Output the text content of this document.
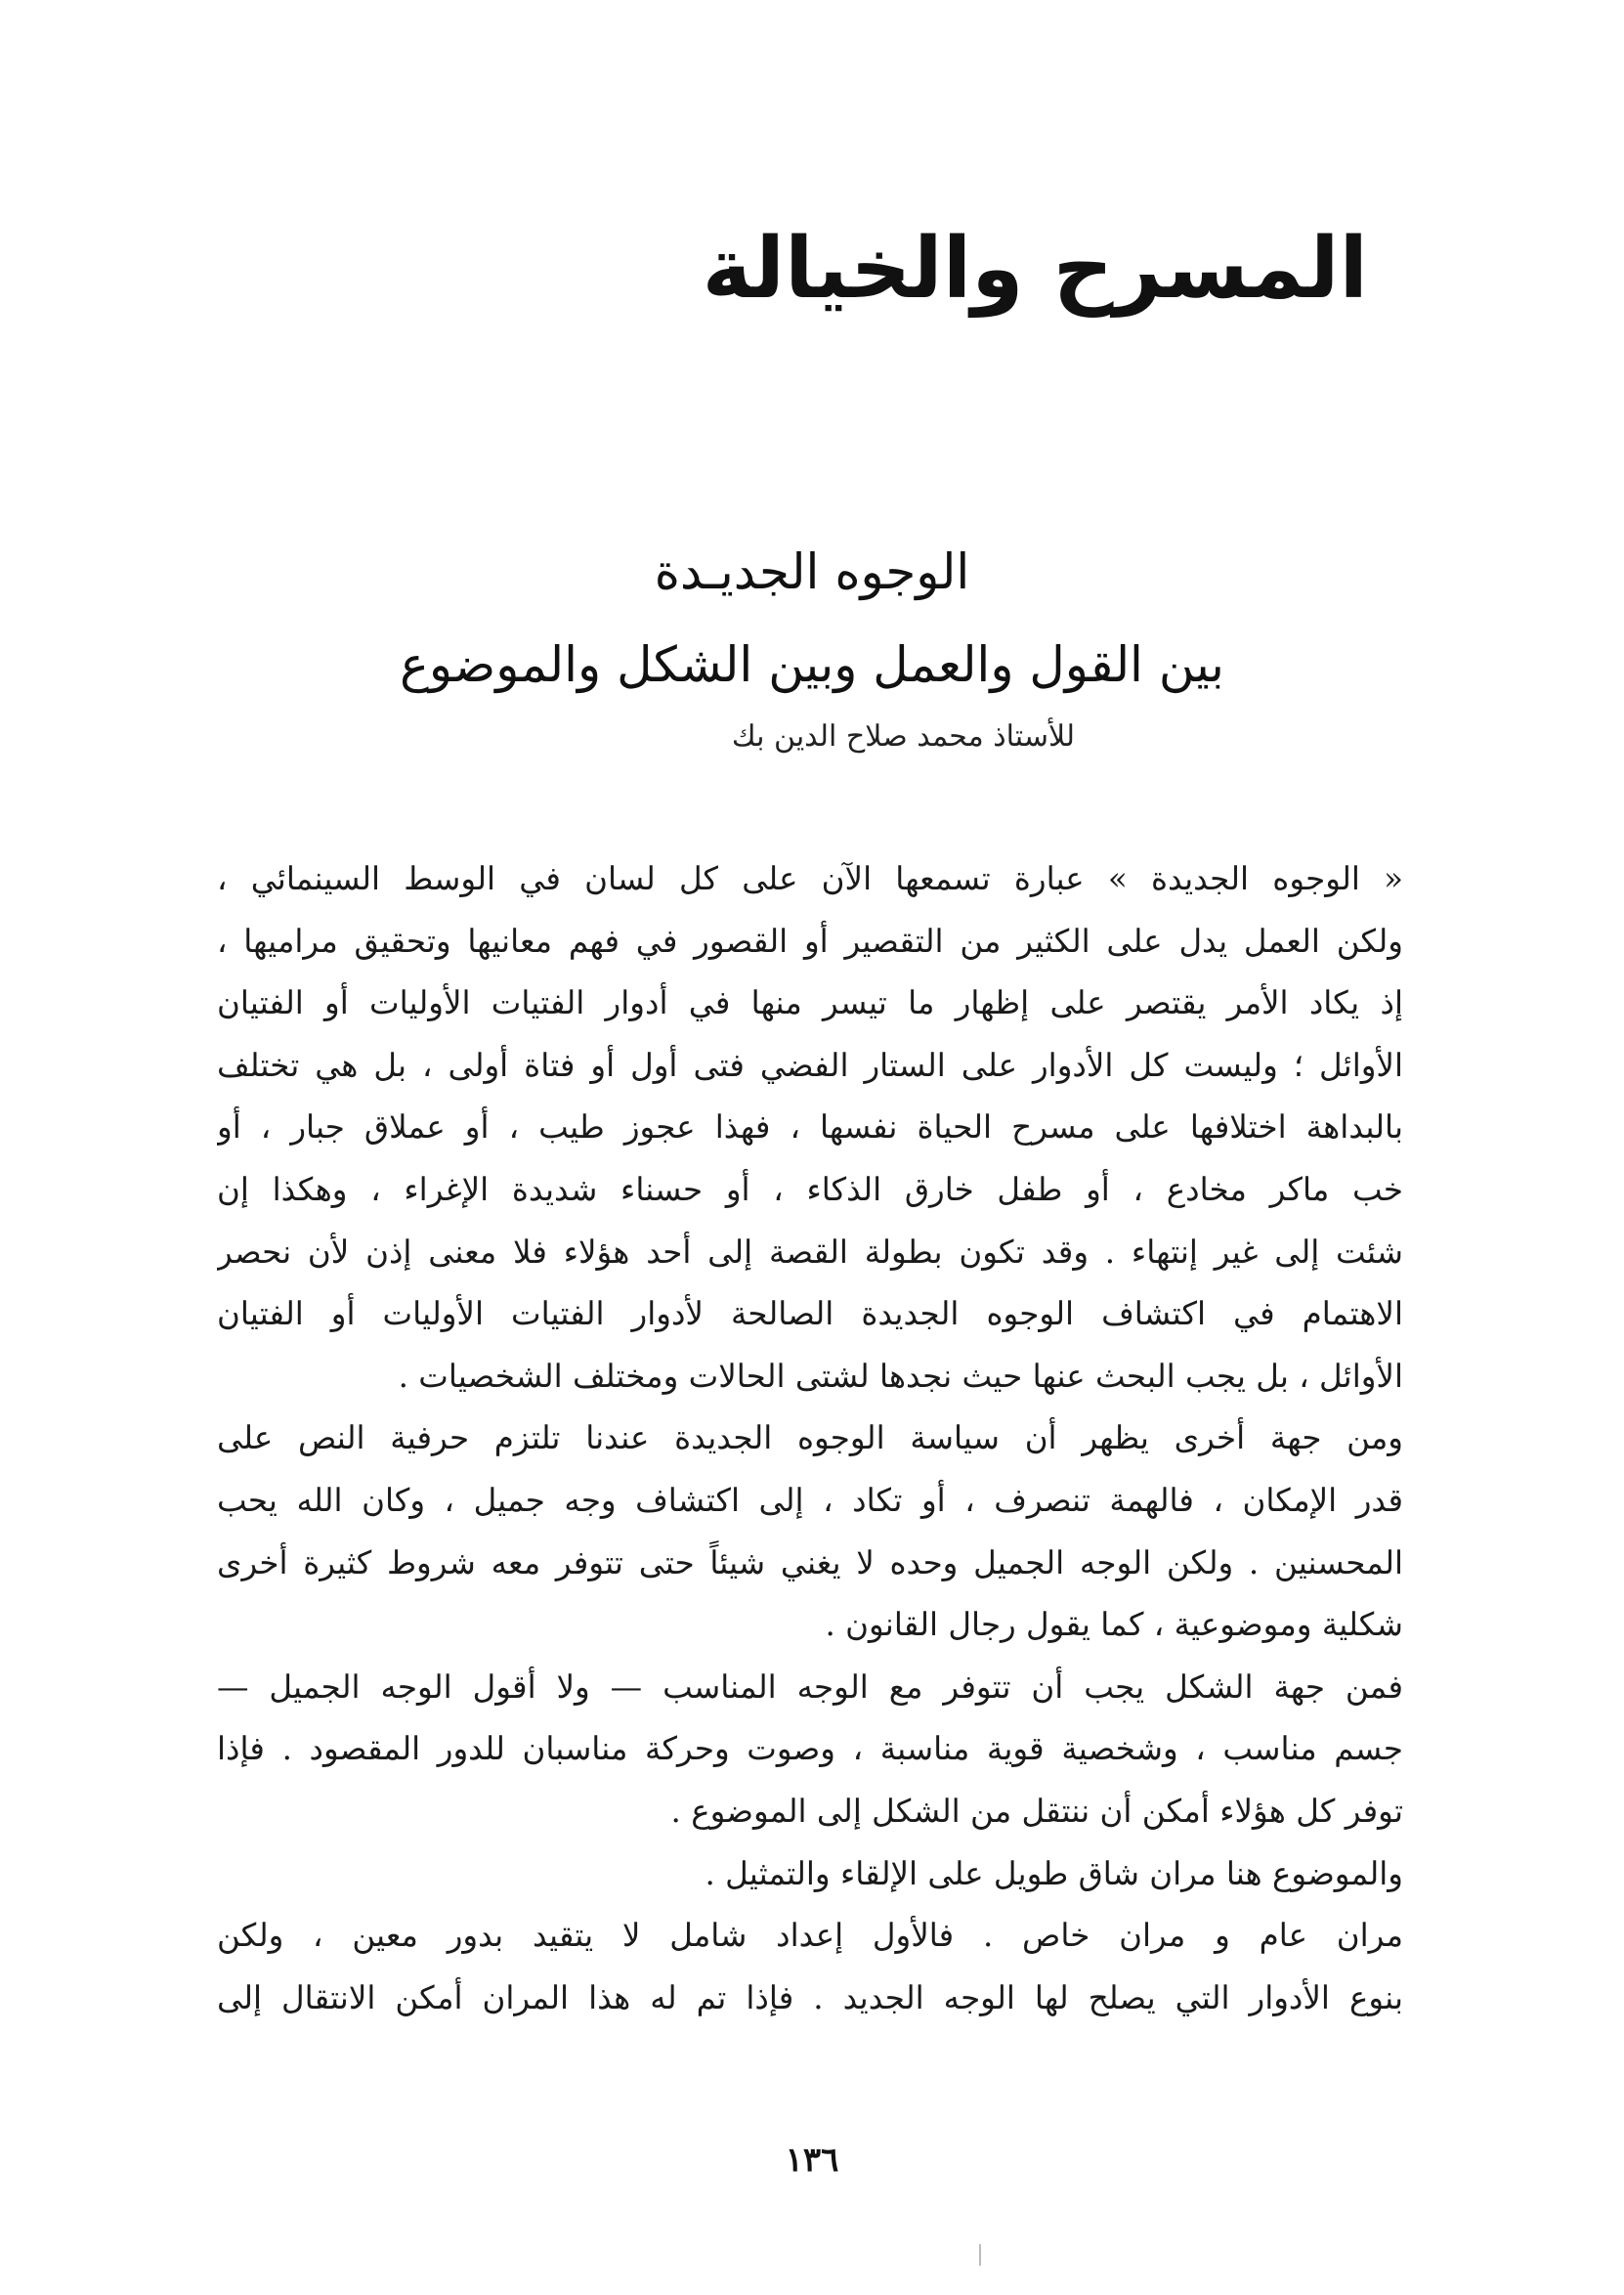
المسرح والخيالة
الوجوه الجديـدة
بين القول والعمل وبين الشكل والموضوع
للأستاذ محمد صلاح الدين بك
« الوجوه الجديدة » عبارة تسمعها الآن على كل لسان في الوسط السينمائي ،
ولكن العمل يدل على الكثير من التقصير أو القصور في فهم معانيها وتحقيق مراميها ،
إذ يكاد الأمر يقتصر على إظهار ما تيسر منها في أدوار الفتيات الأوليات أو الفتيان
الأوائل ؛ وليست كل الأدوار على الستار الفضي فتى أول أو فتاة أولى ، بل هي تختلف
بالبداهة اختلافها على مسرح الحياة نفسها ، فهذا عجوز طيب ، أو عملاق جبار ، أو
خب ماكر مخادع ، أو طفل خارق الذكاء ، أو حسناء شديدة الإغراء ، وهكذا إن
شئت إلى غير إنتهاء . وقد تكون بطولة القصة إلى أحد هؤلاء فلا معنى إذن لأن نحصر
الاهتمام في اكتشاف الوجوه الجديدة الصالحة لأدوار الفتيات الأوليات أو الفتيان
الأوائل ، بل يجب البحث عنها حيث نجدها لشتى الحالات ومختلف الشخصيات .
ومن جهة أخرى يظهر أن سياسة الوجوه الجديدة عندنا تلتزم حرفية النص على
قدر الإمكان ، فالهمة تنصرف ، أو تكاد ، إلى اكتشاف وجه جميل ، وكان الله يحب
المحسنين . ولكن الوجه الجميل وحده لا يغني شيئاً حتى تتوفر معه شروط كثيرة أخرى
شكلية وموضوعية ، كما يقول رجال القانون .
فمن جهة الشكل يجب أن تتوفر مع الوجه المناسب — ولا أقول الوجه الجميل —
جسم مناسب ، وشخصية قوية مناسبة ، وصوت وحركة مناسبان للدور المقصود . فإذا
توفر كل هؤلاء أمكن أن ننتقل من الشكل إلى الموضوع .
والموضوع هنا مران شاق طويل على الإلقاء والتمثيل .
مران عام و مران خاص . فالأول إعداد شامل لا يتقيد بدور معين ، ولكن
بنوع الأدوار التي يصلح لها الوجه الجديد . فإذا تم له هذا المران أمكن الانتقال إلى
١٣٦
